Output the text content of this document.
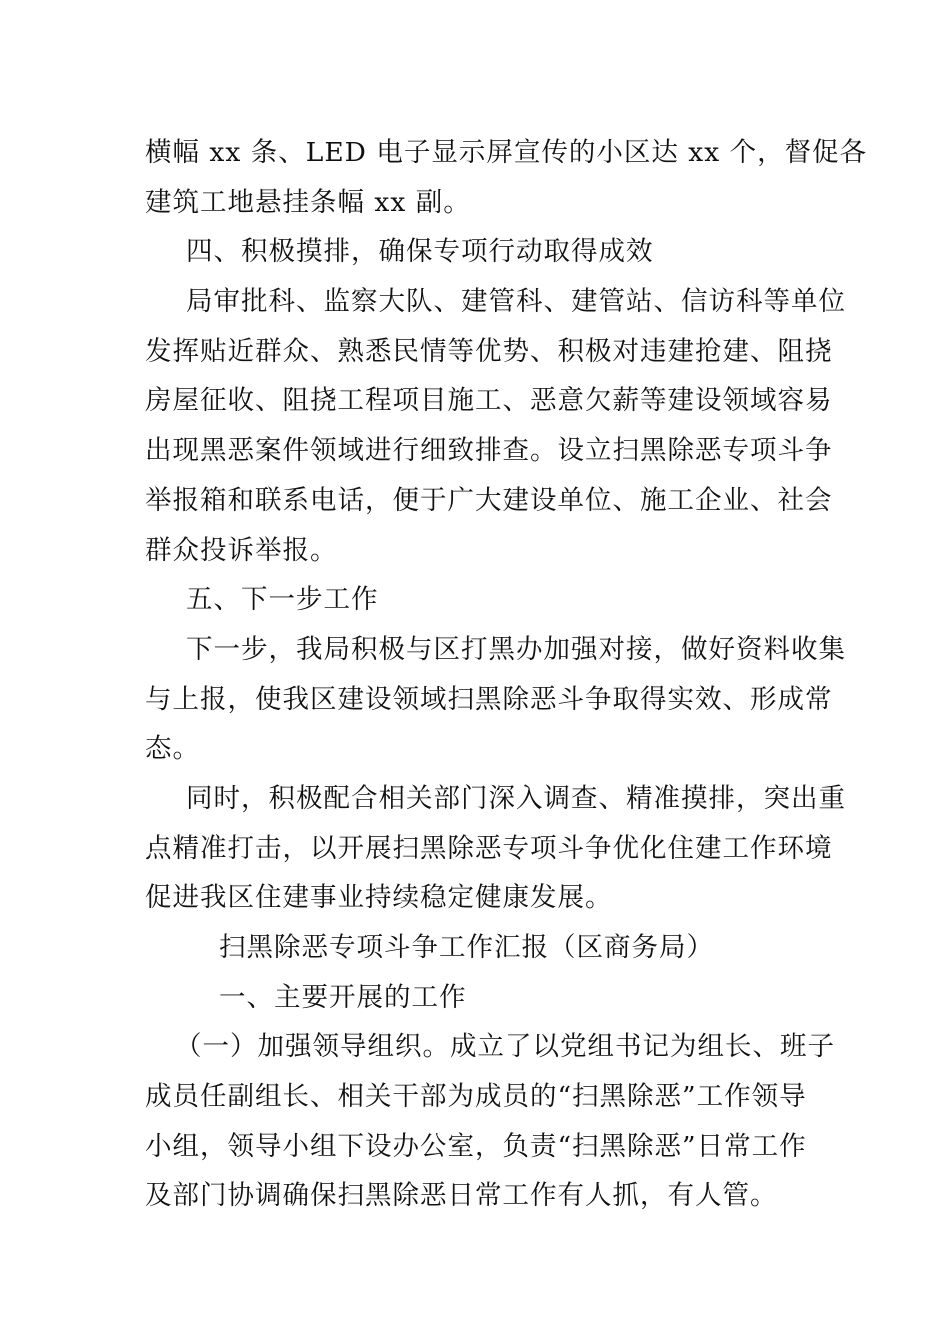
横幅 xx 条、LED 电子显示屏宣传的小区达 xx 个，督促各
建筑工地悬挂条幅 xx 副。
四、积极摸排，确保专项行动取得成效
局审批科、监察大队、建管科、建管站、信访科等单位
发挥贴近群众、熟悉民情等优势、积极对违建抢建、阻挠
房屋征收、阻挠工程项目施工、恶意欠薪等建设领域容易
出现黑恶案件领域进行细致排查。设立扫黑除恶专项斗争
举报箱和联系电话，便于广大建设单位、施工企业、社会
群众投诉举报。
五、下一步工作
下一步，我局积极与区打黑办加强对接，做好资料收集
与上报，使我区建设领域扫黑除恶斗争取得实效、形成常
态。
同时，积极配合相关部门深入调查、精准摸排，突出重
点精准打击，以开展扫黑除恶专项斗争优化住建工作环境
促进我区住建事业持续稳定健康发展。
扫黑除恶专项斗争工作汇报（区商务局）
一、主要开展的工作
（一）加强领导组织。成立了以党组书记为组长、班子
成员任副组长、相关干部为成员的“扫黑除恶”工作领导
小组，领导小组下设办公室，负责“扫黑除恶”日常工作
及部门协调确保扫黑除恶日常工作有人抓，有人管。
